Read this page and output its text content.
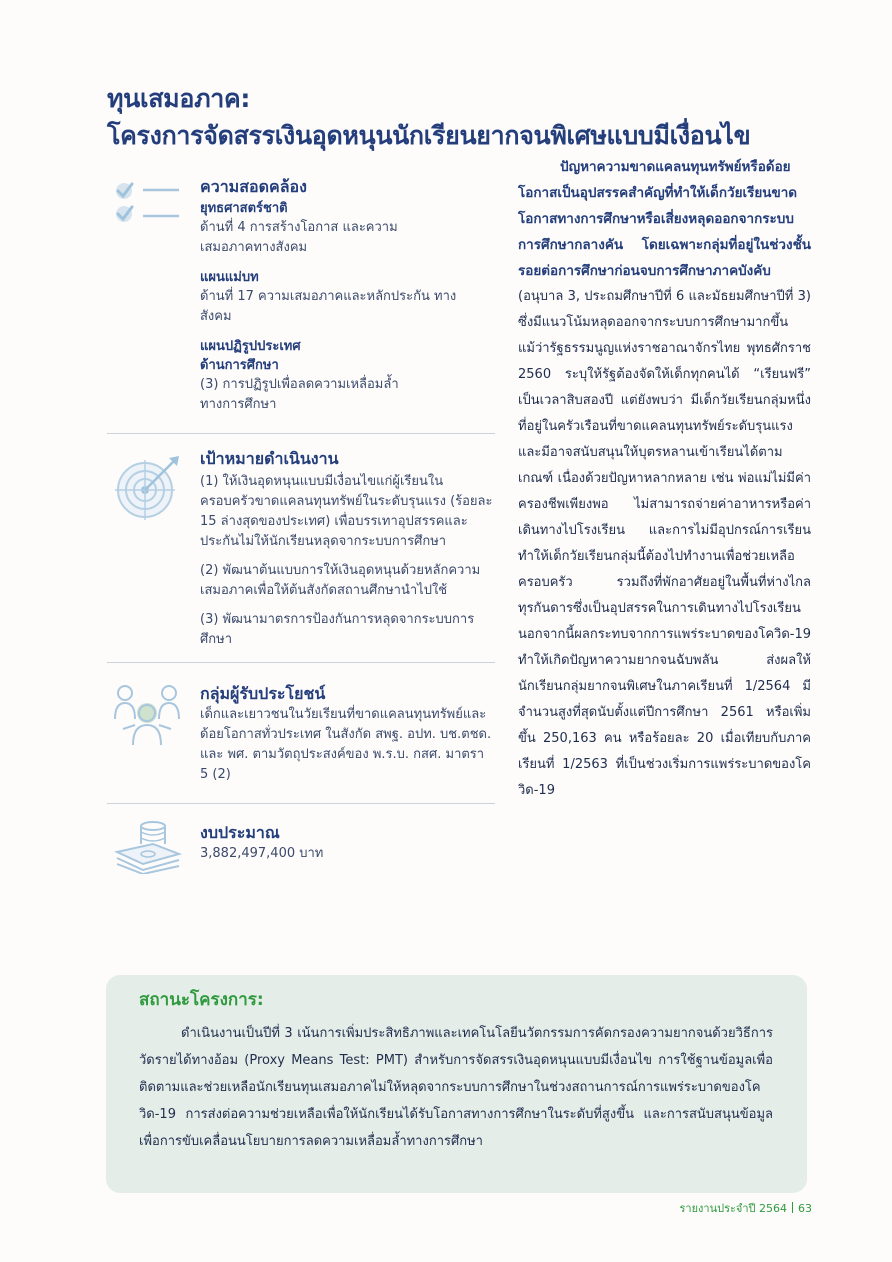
ทุนเสมอภาค:
โครงการจัดสรรเงินอุดหนุนนักเรียนยากจนพิเศษแบบมีเงื่อนไข
ความสอดคล้อง
ยุทธศาสตร์ชาติ
ด้านที่ 4 การสร้างโอกาส และความเสมอภาคทางสังคม
แผนแม่บท
ด้านที่ 17 ความเสมอภาคและหลักประกัน ทางสังคม
แผนปฏิรูปประเทศ
ด้านการศึกษา
(3) การปฏิรูปเพื่อลดความเหลื่อมล้ำ ทางการศึกษา
เป้าหมายดำเนินงาน
(1) ให้เงินอุดหนุนแบบมีเงื่อนไขแก่ผู้เรียนในครอบครัวขาดแคลนทุนทรัพย์ในระดับรุนแรง (ร้อยละ 15 ล่างสุดของประเทศ) เพื่อบรรเทาอุปสรรคและประกันไม่ให้นักเรียนหลุดจากระบบการศึกษา
(2) พัฒนาต้นแบบการให้เงินอุดหนุนด้วยหลักความเสมอภาคเพื่อให้ต้นสังกัดสถานศึกษานำไปใช้
(3) พัฒนามาตรการป้องกันการหลุดจากระบบการศึกษา
กลุ่มผู้รับประโยชน์
เด็กและเยาวชนในวัยเรียนที่ขาดแคลนทุนทรัพย์และด้อยโอกาสทั่วประเทศ ในสังกัด สพฐ. อปท. บช.ตชด. และ พศ. ตามวัตถุประสงค์ของ พ.ร.บ. กสศ. มาตรา 5 (2)
งบประมาณ
3,882,497,400 บาท
ปัญหาความขาดแคลนทุนทรัพย์หรือด้อยโอกาสเป็นอุปสรรคสำคัญที่ทำให้เด็กวัยเรียนขาดโอกาสทางการศึกษาหรือเสี่ยงหลุดออกจากระบบการศึกษากลางคัน โดยเฉพาะกลุ่มที่อยู่ในช่วงชั้นรอยต่อการศึกษาก่อนจบการศึกษาภาคบังคับ
(อนุบาล 3, ประถมศึกษาปีที่ 6 และมัธยมศึกษาปีที่ 3) ซึ่งมีแนวโน้มหลุดออกจากระบบการศึกษามากขึ้น แม้ว่ารัฐธรรมนูญแห่งราชอาณาจักรไทย พุทธศักราช 2560 ระบุให้รัฐต้องจัดให้เด็กทุกคนได้ “เรียนฟรี” เป็นเวลาสิบสองปี แต่ยังพบว่า มีเด็กวัยเรียนกลุ่มหนึ่งที่อยู่ในครัวเรือนที่ขาดแคลนทุนทรัพย์ระดับรุนแรง และมีอาจสนับสนุนให้บุตรหลานเข้าเรียนได้ตามเกณฑ์ เนื่องด้วยปัญหาหลากหลาย เช่น พ่อแม่ไม่มีค่าครองชีพเพียงพอ ไม่สามารถจ่ายค่าอาหารหรือค่าเดินทางไปโรงเรียน และการไม่มีอุปกรณ์การเรียน ทำให้เด็กวัยเรียนกลุ่มนี้ต้องไปทำงานเพื่อช่วยเหลือครอบครัว รวมถึงที่พักอาศัยอยู่ในพื้นที่ห่างไกลทุรกันดารซึ่งเป็นอุปสรรคในการเดินทางไปโรงเรียน นอกจากนี้ผลกระทบจากการแพร่ระบาดของโควิด-19 ทำให้เกิดปัญหาความยากจนฉับพลัน ส่งผลให้นักเรียนกลุ่มยากจนพิเศษในภาคเรียนที่ 1/2564 มีจำนวนสูงที่สุดนับตั้งแต่ปีการศึกษา 2561 หรือเพิ่มขึ้น 250,163 คน หรือร้อยละ 20 เมื่อเทียบกับภาคเรียนที่ 1/2563 ที่เป็นช่วงเริ่มการแพร่ระบาดของโควิด-19
สถานะโครงการ:

ดำเนินงานเป็นปีที่ 3 เน้นการเพิ่มประสิทธิภาพและเทคโนโลยีนวัตกรรมการคัดกรองความยากจนด้วยวิธีการวัดรายได้ทางอ้อม (Proxy Means Test: PMT) สำหรับการจัดสรรเงินอุดหนุนแบบมีเงื่อนไข การใช้ฐานข้อมูลเพื่อติดตามและช่วยเหลือนักเรียนทุนเสมอภาคไม่ให้หลุดจากระบบการศึกษาในช่วงสถานการณ์การแพร่ระบาดของโควิด-19 การส่งต่อความช่วยเหลือเพื่อให้นักเรียนได้รับโอกาสทางการศึกษาในระดับที่สูงขึ้น และการสนับสนุนข้อมูลเพื่อการขับเคลื่อนนโยบายการลดความเหลื่อมล้ำทางการศึกษา

รายงานประจำปี 2564 63
